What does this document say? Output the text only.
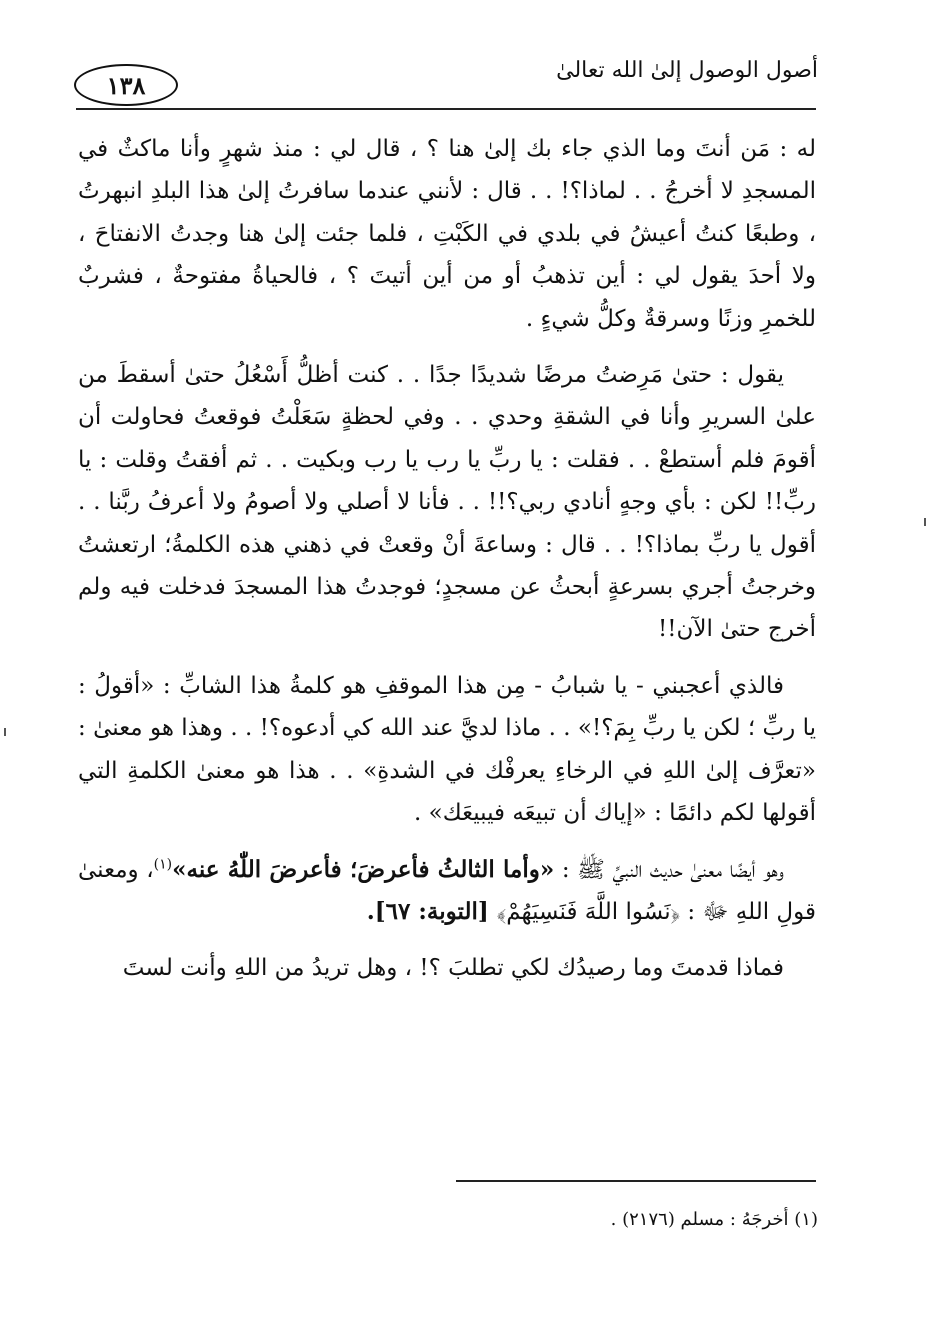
١٣٨	أصول الوصول إلىٰ الله تعالىٰ

له : مَن أنتَ وما الذي جاء بك إلىٰ هنا ؟ ، قال لي : منذ شهرٍ وأنا ماكثٌ في المسجدِ لا أخرجُ . . لماذا؟! . . قال : لأنني عندما سافرتُ إلىٰ هذا البلدِ انبهرتُ ، وطبعًا كنتُ أعيشُ في بلدي في الكَبْتِ ، فلما جئت إلىٰ هنا وجدتُ الانفتاحَ ، ولا أحدَ يقول لي : أين تذهبُ أو من أين أتيتَ ؟ ، فالحياةُ مفتوحةٌ ، فشربٌ للخمرِ وزنًا وسرقةٌ وكلُّ شيءٍ .

يقول : حتىٰ مَرِضتُ مرضًا شديدًا جدًا . . كنت أظلُّ أَسْعُلُ حتىٰ أسقطَ من علىٰ السريرِ وأنا في الشقةِ وحدي . . وفي لحظةٍ سَعَلْتُ فوقعتُ فحاولت أن أقومَ فلم أستطعْ . . فقلت : يا ربِّ يا رب يا رب وبكيت . . ثم أفقتُ وقلت : يا ربِّ!! لكن : بأي وجهٍ أنادي ربي؟!! . . فأنا لا أصلي ولا أصومُ ولا أعرفُ ربَّنا . . أقول يا ربِّ بماذا؟! . . قال : وساعةَ أنْ وقعتْ في ذهني هذه الكلمةُ؛ ارتعشتُ وخرجتُ أجري بسرعةٍ أبحثُ عن مسجدٍ؛ فوجدتُ هذا المسجدَ فدخلت فيه ولم أخرج حتىٰ الآن!!

فالذي أعجبني - يا شبابُ - مِن هذا الموقفِ هو كلمةُ هذا الشابِّ : «أقولُ : يا ربِّ ؛ لكن يا ربِّ بِمَ؟!» . . ماذا لديَّ عند الله كي أدعوه؟! . . وهذا هو معنىٰ : «تعرَّف إلىٰ اللهِ في الرخاءِ يعرفْك في الشدةِ» . . هذا هو معنىٰ الكلمةِ التي أقولها لكم دائمًا : «إياك أن تبيعَه فيبيعَك» .

وهو أيضًا معنىٰ حديث النبيِّ ﷺ : «وأما الثالثُ فأعرضَ؛ فأعرضَ اللّٰهُ عنه»$^{(١)}$، ومعنىٰ قولِ اللهِ ﷻ : ﴿نَسُوا اللَّهَ فَنَسِيَهُمْ﴾ [التوبة: ٦٧].

فماذا قدمتَ وما رصيدُك لكي تطلبَ ؟! ، وهل تريدُ من اللهِ وأنت لستَ

(١) أخرجَهُ : مسلم (٢١٧٦) .
